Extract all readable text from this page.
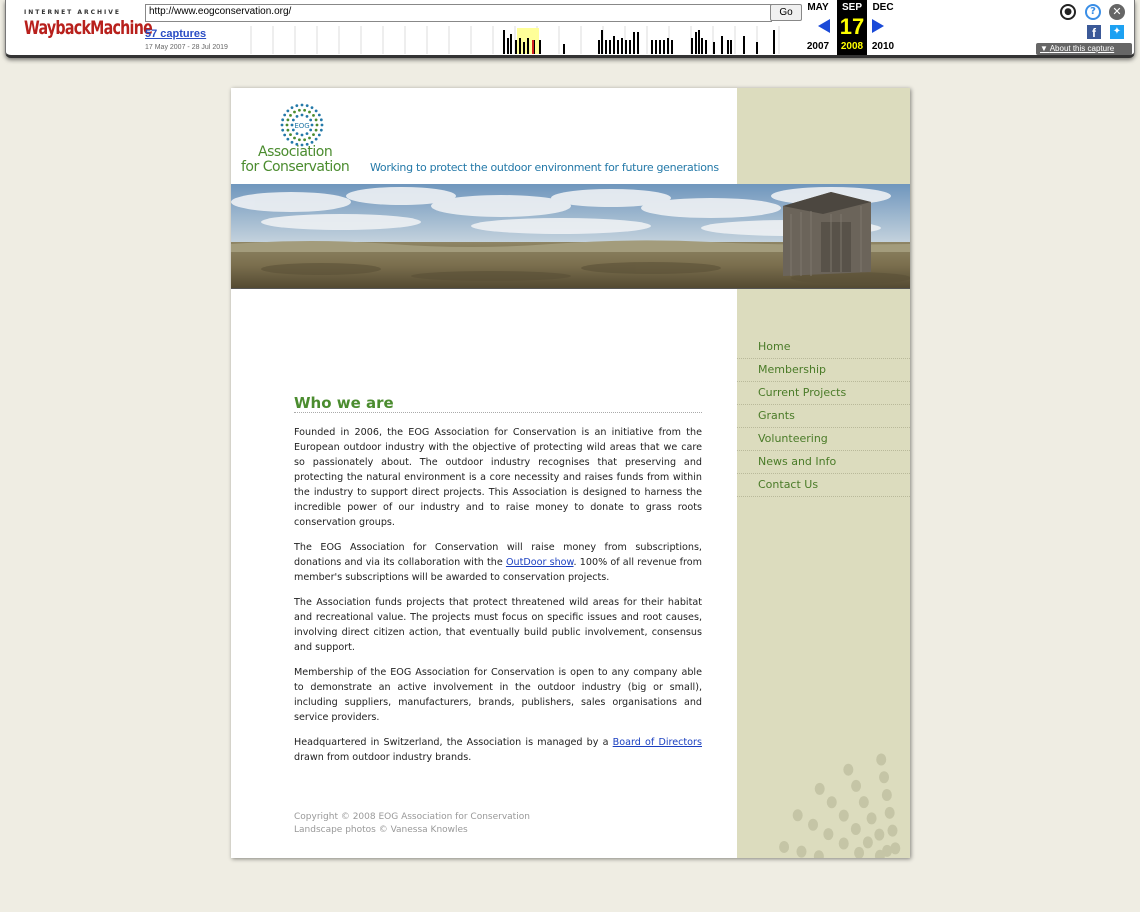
INTERNET ARCHIVE
WaybackMachine
http://www.eogconservation.org/	Go
57 captures
17 May 2007 - 28 Jul 2019
MAY
2007
SEP
17
2008
DEC
2010
●	?	✕
f	✦
▼ About this capture
EOG
Association
for Conservation Working to protect the outdoor environment for future generations
Home
Membership
Current Projects
Grants
Volunteering
News and Info
Contact Us
Who we are

Founded in 2006, the EOG Association for Conservation is an initiative from the European outdoor industry with the objective of protecting wild areas that we care so passionately about. The outdoor industry recognises that preserving and protecting the natural environment is a core necessity and raises funds from within the industry to support direct projects. This Association is designed to harness the incredible power of our industry and to raise money to donate to grass roots conservation groups.

The EOG Association for Conservation will raise money from subscriptions, donations and via its collaboration with the OutDoor show. 100% of all revenue from member's subscriptions will be awarded to conservation projects.

The Association funds projects that protect threatened wild areas for their habitat and recreational value. The projects must focus on specific issues and root causes, involving direct citizen action, that eventually build public involvement, consensus and support.

Membership of the EOG Association for Conservation is open to any company able to demonstrate an active involvement in the outdoor industry (big or small), including suppliers, manufacturers, brands, publishers, sales organisations and service providers.

Headquartered in Switzerland, the Association is managed by a Board of Directors drawn from outdoor industry brands.

Copyright © 2008 EOG Association for Conservation
Landscape photos © Vanessa Knowles
